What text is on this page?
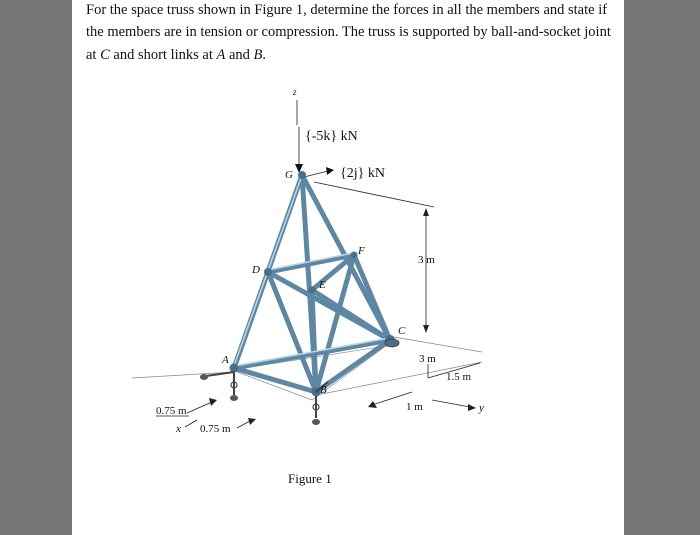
For the space truss shown in Figure 1, determine the forces in all the members and state if
the members are in tension or compression. The truss is supported by ball-and-socket joint
at C and short links at A and B.
z
{-5k} kN
{2j} kN
3 m
3 m
1.5 m
1 m	y
0.75 m
x 0.75 m
G
D
F
E
C
A
B
Figure 1
